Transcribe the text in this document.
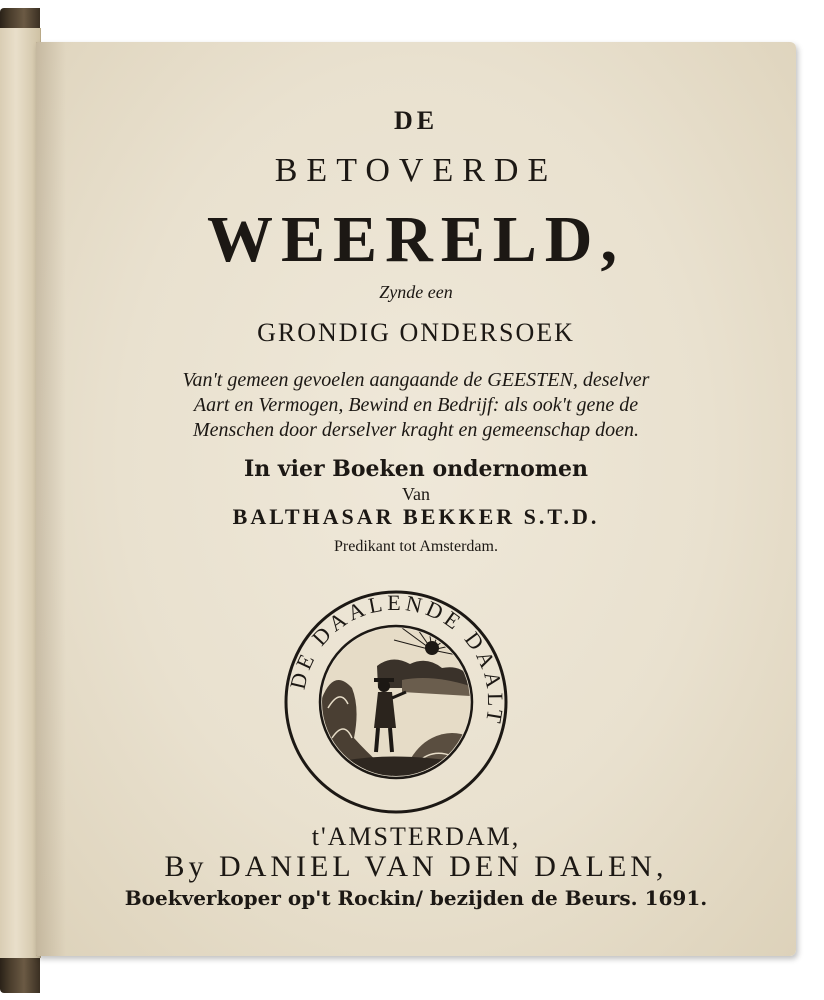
DE
BETOVERDE
WEERELD,
Zynde een
GRONDIG ONDERSOEK
Van't gemeen gevoelen aangaande de GEESTEN, deselver
Aart en Vermogen, Bewind en Bedrijf: als ook't gene de
Menschen door derselver kraght en gemeenschap doen.
In vier Boeken ondernomen
Van
BALTHASAR BEKKER S.T.D.
Predikant tot Amsterdam.
DE DAALENDE DAALT
t'AMSTERDAM,
By DANIEL VAN DEN DALEN,
Boekverkoper op't Rockin/ bezijden de Beurs. 1691.
